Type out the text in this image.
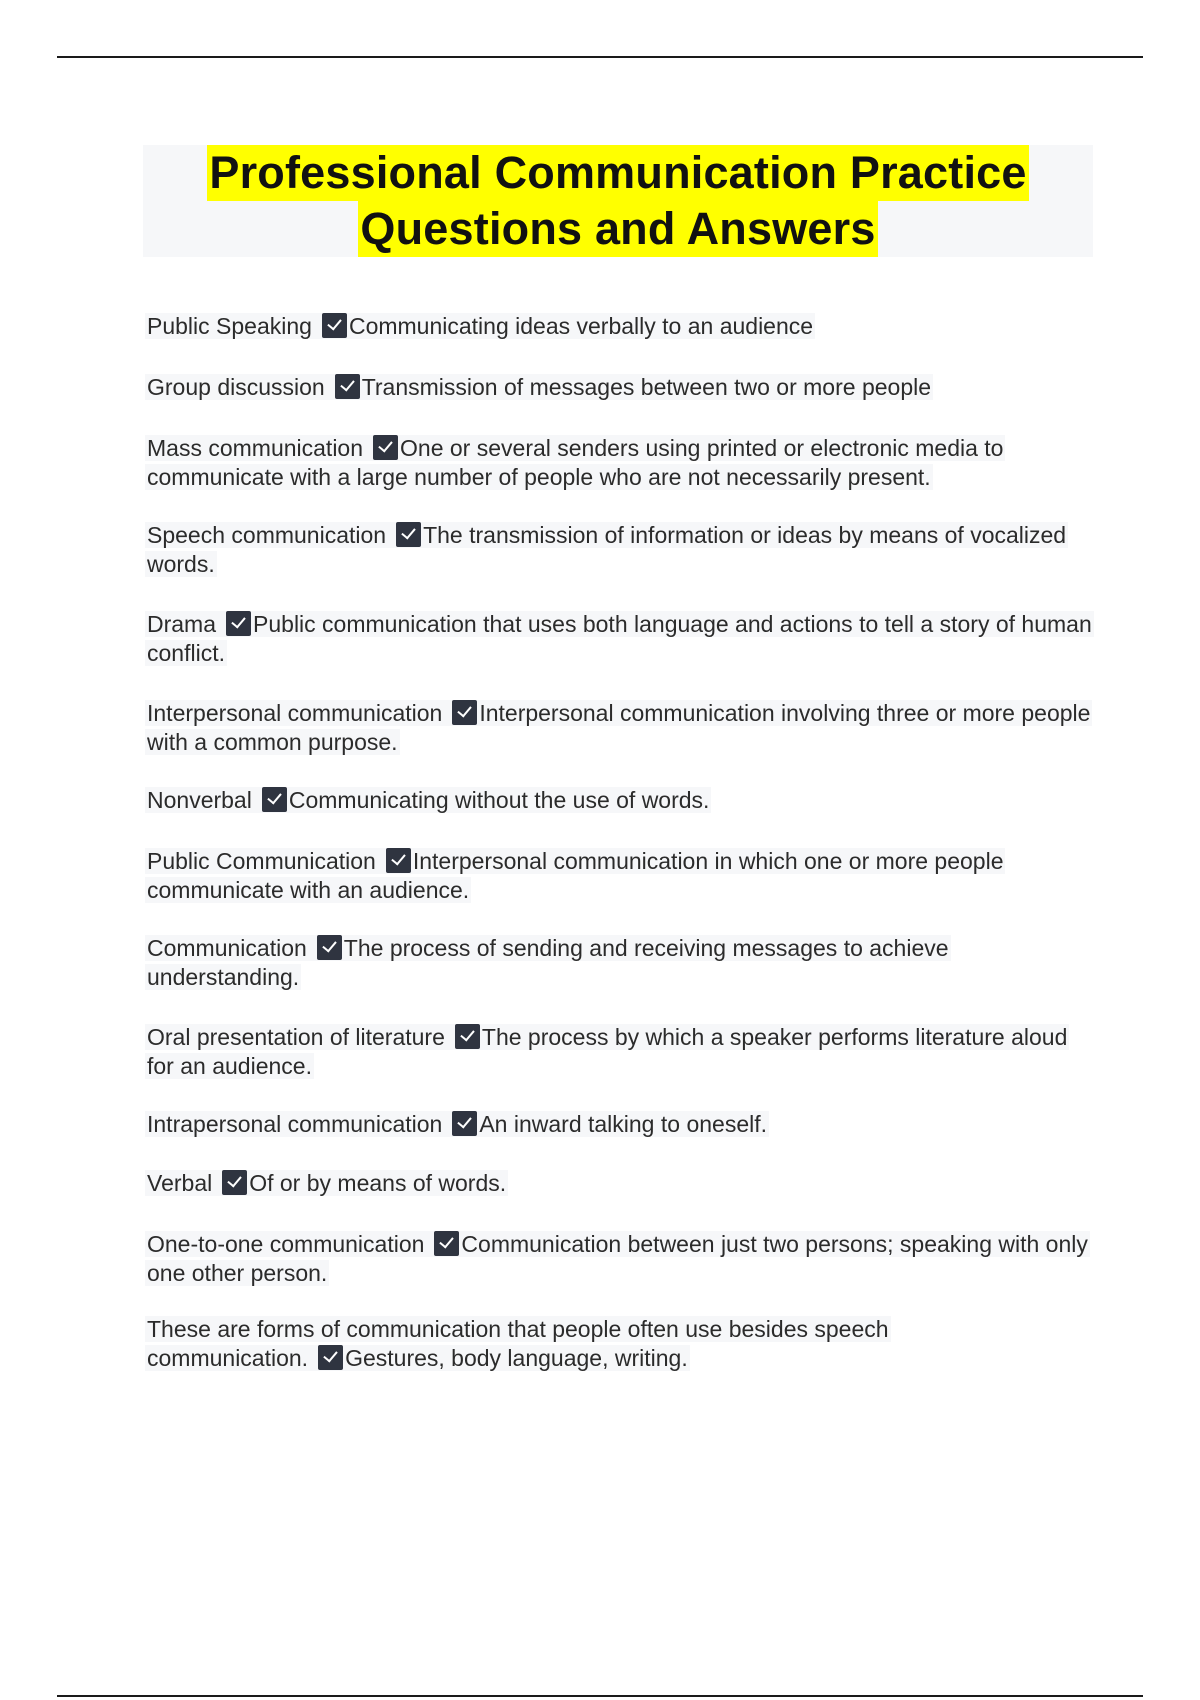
Professional Communication Practice
Questions and Answers
Public Speaking Communicating ideas verbally to an audience
Group discussion Transmission of messages between two or more people
Mass communication One or several senders using printed or electronic media to communicate with a large number of people who are not necessarily present.
Speech communication The transmission of information or ideas by means of vocalized words.
Drama Public communication that uses both language and actions to tell a story of human conflict.
Interpersonal communication Interpersonal communication involving three or more people with a common purpose.
Nonverbal Communicating without the use of words.
Public Communication Interpersonal communication in which one or more people communicate with an audience.
Communication The process of sending and receiving messages to achieve understanding.
Oral presentation of literature The process by which a speaker performs literature aloud for an audience.
Intrapersonal communication An inward talking to oneself.
Verbal Of or by means of words.
One-to-one communication Communication between just two persons; speaking with only one other person.
These are forms of communication that people often use besides speech communication. Gestures, body language, writing.
